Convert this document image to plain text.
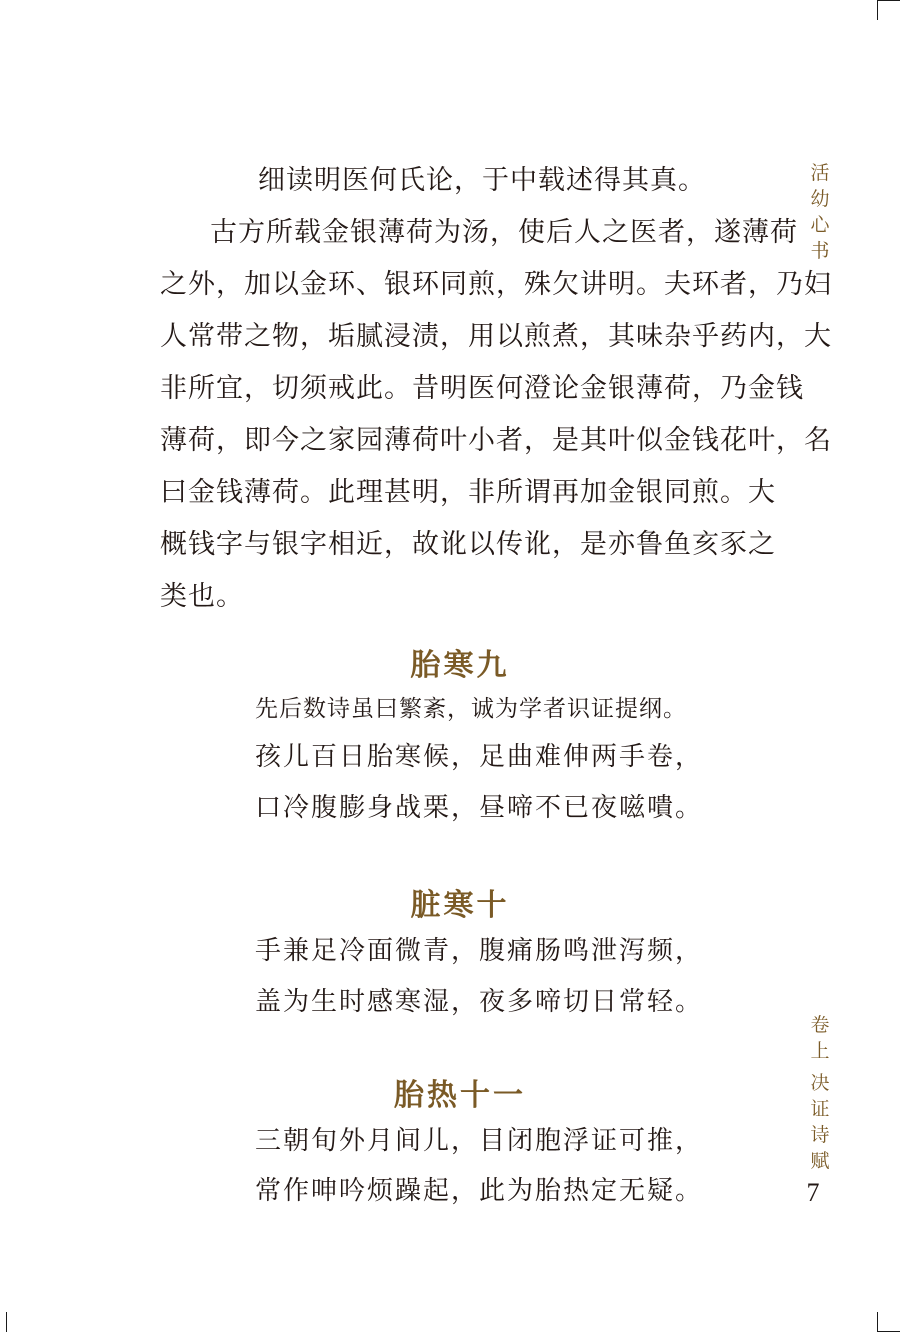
细读明医何氏论，于中载述得其真。
古方所载金银薄荷为汤，使后人之医者，遂薄荷
之外，加以金环、银环同煎，殊欠讲明。夫环者，乃妇
人常带之物，垢腻浸渍，用以煎煮，其味杂乎药内，大
非所宜，切须戒此。昔明医何澄论金银薄荷，乃金钱
薄荷，即今之家园薄荷叶小者，是其叶似金钱花叶，名
曰金钱薄荷。此理甚明，非所谓再加金银同煎。大
概钱字与银字相近，故讹以传讹，是亦鲁鱼亥豕之
类也。
胎寒九
先后数诗虽曰繁紊，诚为学者识证提纲。
孩儿百日胎寒候，足曲难伸两手卷，
口冷腹膨身战栗，昼啼不已夜嗞嘳。
脏寒十
手兼足冷面微青，腹痛肠鸣泄泻频，
盖为生时感寒湿，夜多啼切日常轻。
胎热十一
三朝旬外月间儿，目闭胞浮证可推，
常作呻吟烦躁起，此为胎热定无疑。
活幼心书
卷上
决证诗赋
7
